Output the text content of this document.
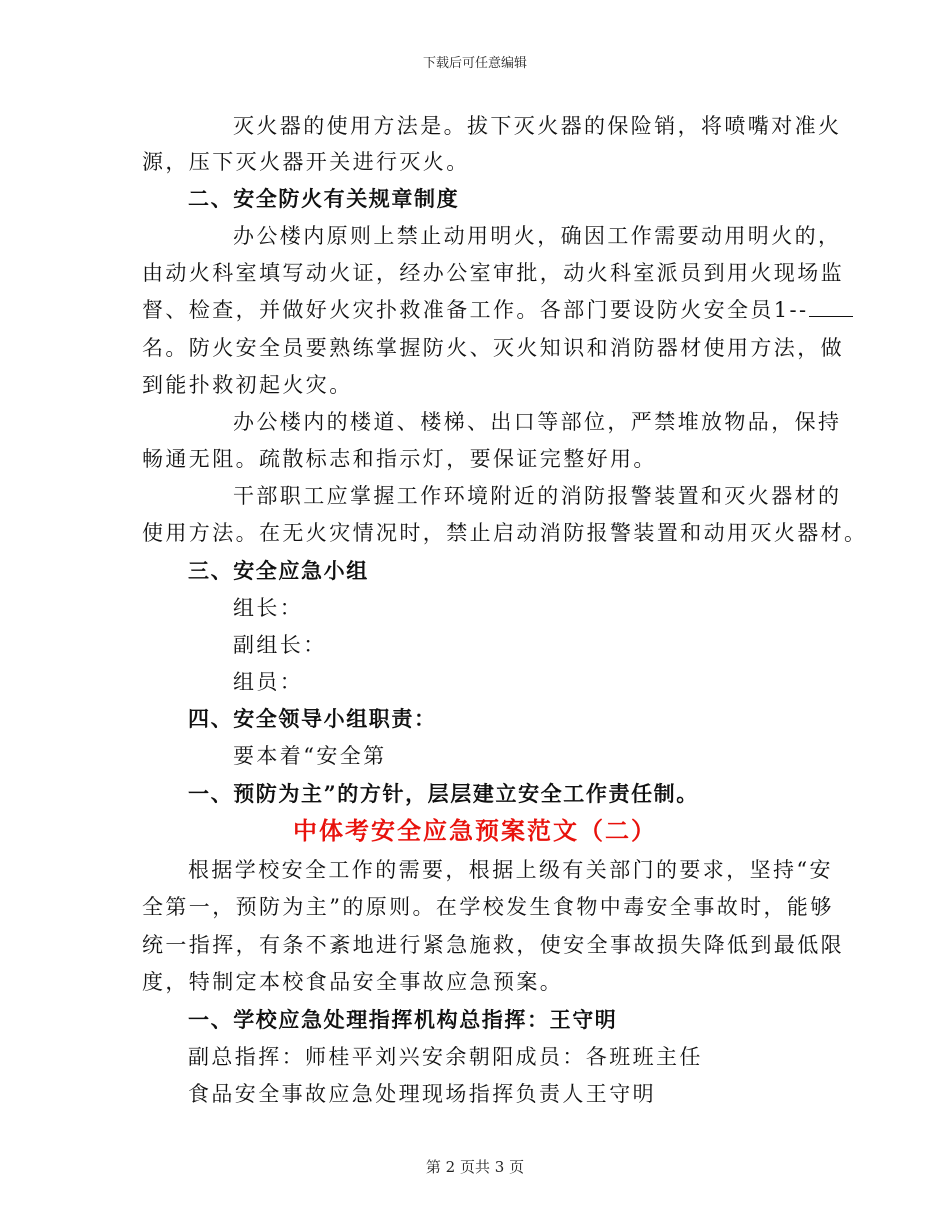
下载后可任意编辑
灭火器的使用方法是。拔下灭火器的保险销，将喷嘴对准火
源，压下灭火器开关进行灭火。
二、安全防火有关规章制度
办公楼内原则上禁止动用明火，确因工作需要动用明火的，
由动火科室填写动火证，经办公室审批，动火科室派员到用火现场监
督、检查，并做好火灾扑救准备工作。各部门要设防火安全员1--
名。防火安全员要熟练掌握防火、灭火知识和消防器材使用方法，做
到能扑救初起火灾。
办公楼内的楼道、楼梯、出口等部位，严禁堆放物品，保持
畅通无阻。疏散标志和指示灯，要保证完整好用。
干部职工应掌握工作环境附近的消防报警装置和灭火器材的
使用方法。在无火灾情况时，禁止启动消防报警装置和动用灭火器材。
三、安全应急小组
组长：
副组长：
组员：
四、安全领导小组职责：
要本着“安全第
一、预防为主”的方针，层层建立安全工作责任制。
中体考安全应急预案范文（二）
根据学校安全工作的需要，根据上级有关部门的要求，坚持“安
全第一，预防为主”的原则。在学校发生食物中毒安全事故时，能够
统一指挥，有条不紊地进行紧急施救，使安全事故损失降低到最低限
度，特制定本校食品安全事故应急预案。
一、学校应急处理指挥机构总指挥：王守明
副总指挥：师桂平刘兴安余朝阳成员：各班班主任
食品安全事故应急处理现场指挥负责人王守明
第 2 页共 3 页
